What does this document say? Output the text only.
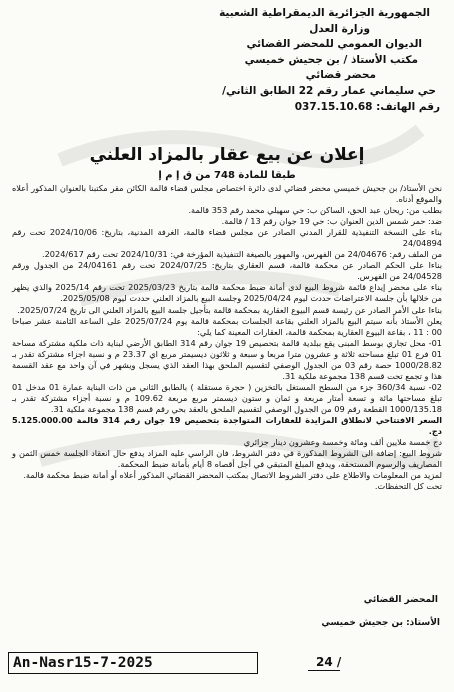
الجمهورية الجزائرية الديمقراطية الشعبية
وزارة العدل
الديوان العمومي للمحضر القضائي
مكتب الأستاذ / بن جحيش خميسي
محضر قضائي
حي سليماني عمار رقم 22 الطابق الثاني/
رقم الهاتف: 037.15.10.68
إعلان عن بيع عقار بالمزاد العلني
طبقا للمادة 748 من ق إ م إ

نحن الأستاذ/ بن جحيش خميسي محضر قضائي لدى دائرة اختصاص مجلس قضاء قالمة الكائن مقر مكتبنا بالعنوان المذكور أعلاه والموقع أدناه.

بطلب من: ريحان عبد الحق، الساكن ب: حي سهيلي محمد رقم 353 قالمة.

ضد: حمر شمس الدين العنوان ب: حي 19 جوان رقم 13 / قالمة.

بناء على النسخة التنفيذية للقرار المدني الصادر عن مجلس قضاء قالمة، الغرفة المدنية، بتاريخ: 2024/10/06 تحت رقم 24/04894

من الملف رقم: 24/04676 من الفهرس، والمهور بالصيغة التنفيذية المؤرخة في: 2024/10/31 تحت رقم 2024/617.

بناءا على الحكم الصادر عن محكمة قالمة، قسم العقاري بتاريخ: 2024/07/25 تحت رقم 24/04161 من الجدول ورقم 24/04528 من الفهرس.

بناء على محضر إيداع قائمة شروط البيع لدى أمانة ضبط محكمة قالمة بتاريخ 2025/03/23 تحت رقم 2025/14 والذي يظهر من خلالها بأن جلسة الاعتراضات حددت ليوم 2025/04/24 وجلسة البيع بالمزاد العلني حددت ليوم 2025/05/08.

بناءا على الأمر الصادر عن رئيسة قسم البيوع العقارية بمحكمة قالمة بتأجيل جلسة البيع بالمزاد العلني الى تاريخ 2025/07/24.

يعلن الأستاذ بأنه سيتم البيع بالمزاد العلني بقاعة الجلسات بمحكمة قالمة يوم 2025/07/24 على الساعة الثامنة عشر صباحا 00 : 11 ، بقاعة البيوع العقارية بمحكمة قالمة، العقارات المعينة كما يلي:

01- محل تجاري بوسط المبنى يقع ببلدية قالمة بتحصيص 19 جوان رقم 314 الطابق الأرضي لبناية ذات ملكية مشتركة مساحة 01 فرع 01 تبلغ مساحته ثلاثة و عشرون مترا مربعا و سبعة و ثلاثون ديسيمتر مربع اي 23.37 م و نسبة اجزاء مشتركة تقدر بـ 1000/28.82 حصة رقم 03 من الجدول الوصفي لتقسيم الملحق بهذا العقد الذي يسجل ويشهر في آن واحد مع عقد القسمة هذا و تجمع تحت قسم 138 مجموعة ملكية 31.

02- نسبة 360/34 جزء من السطح المستغل بالتخزين ( حجرة مستقلة ) بالطابق الثاني من ذات البناية عمارة 01 مدخل 01 تبلغ مساحتها مائة و تسعة أمتار مربعة و ثمان و ستون ديسمتر مربع مربعة 109.62 م و نسبة أجزاء مشتركة تقدر بـ 1000/135.18 القطعة رقم 09 من الجدول الوصفي لتقسيم الملحق بالعقد بحي رقم قسم 138 مجموعة ملكية 31.

السعر الافتتاحي لانطلاق المزايدة للعقارات المتواجدة بتحصيص 19 جوان رقم 314 قالمة 5.125.000.00 دج.

دج خمسة ملايين ألف ومائة وخمسة وعشرون دينار جزائري

شروط البيع: إضافة الى الشروط المذكورة في دفتر الشروط، فان الراسي عليه المزاد يدفع حال انعقاد الجلسة خمس الثمن و المصاريف والرسوم المستحقة، ويدفع المبلغ المتبقي في أجل أقصاه 8 أيام بأمانة ضبط المحكمة.

لمزيد من المعلومات والاطلاع على دفتر الشروط الاتصال بمكتب المحضر القضائي المذكور أعلاه أو أمانة ضبط محكمة قالمة.

تحت كل التحفظات.

المحضر القضائي
الأستاذ: بن جحيش خميسي
An-Nasr15-7-2025	24 /
